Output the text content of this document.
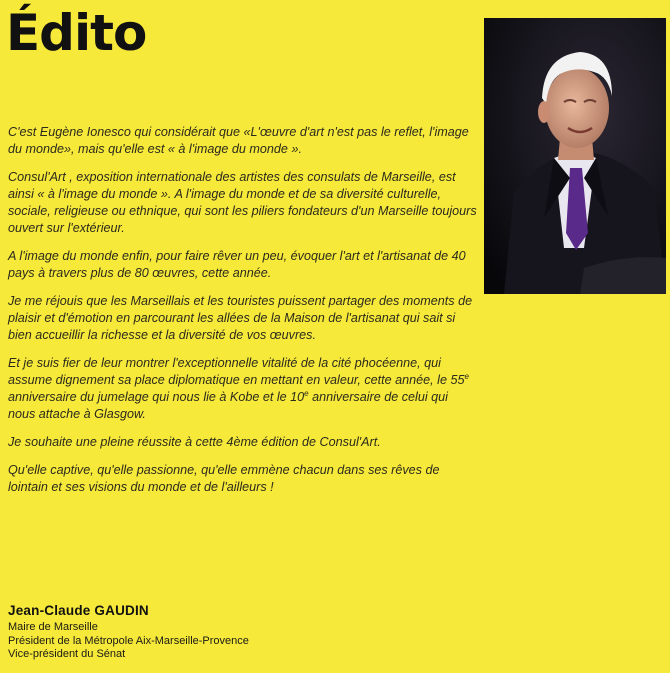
Édito

C'est Eugène Ionesco qui considérait que «L'œuvre d'art n'est pas le reflet, l'image du monde», mais qu'elle est « à l'image du monde ».

Consul'Art , exposition internationale des artistes des consulats de Marseille, est ainsi « à l'image du monde ». A l'image du monde et de sa diversité culturelle, sociale, religieuse ou ethnique, qui sont les piliers fondateurs d'un Marseille toujours ouvert sur l'extérieur.

A l'image du monde enfin, pour faire rêver un peu, évoquer l'art et l'artisanat de 40 pays à travers plus de 80 œuvres, cette année.

Je me réjouis que les Marseillais et les touristes puissent partager des moments de plaisir et d'émotion en parcourant les allées de la Maison de l'artisanat qui sait si bien accueillir la richesse et la diversité de vos œuvres.

Et je suis fier de leur montrer l'exceptionnelle vitalité de la cité phocéenne, qui assume dignement sa place diplomatique en mettant en valeur, cette année, le 55e anniversaire du jumelage qui nous lie à Kobe et le 10e anniversaire de celui qui nous attache à Glasgow.

Je souhaite une pleine réussite à cette 4ème édition de Consul'Art.

Qu'elle captive, qu'elle passionne, qu'elle emmène chacun dans ses rêves de lointain et ses visions du monde et de l'ailleurs !

Jean-Claude GAUDIN
Maire de Marseille
Président de la Métropole Aix-Marseille-Provence
Vice-président du Sénat
